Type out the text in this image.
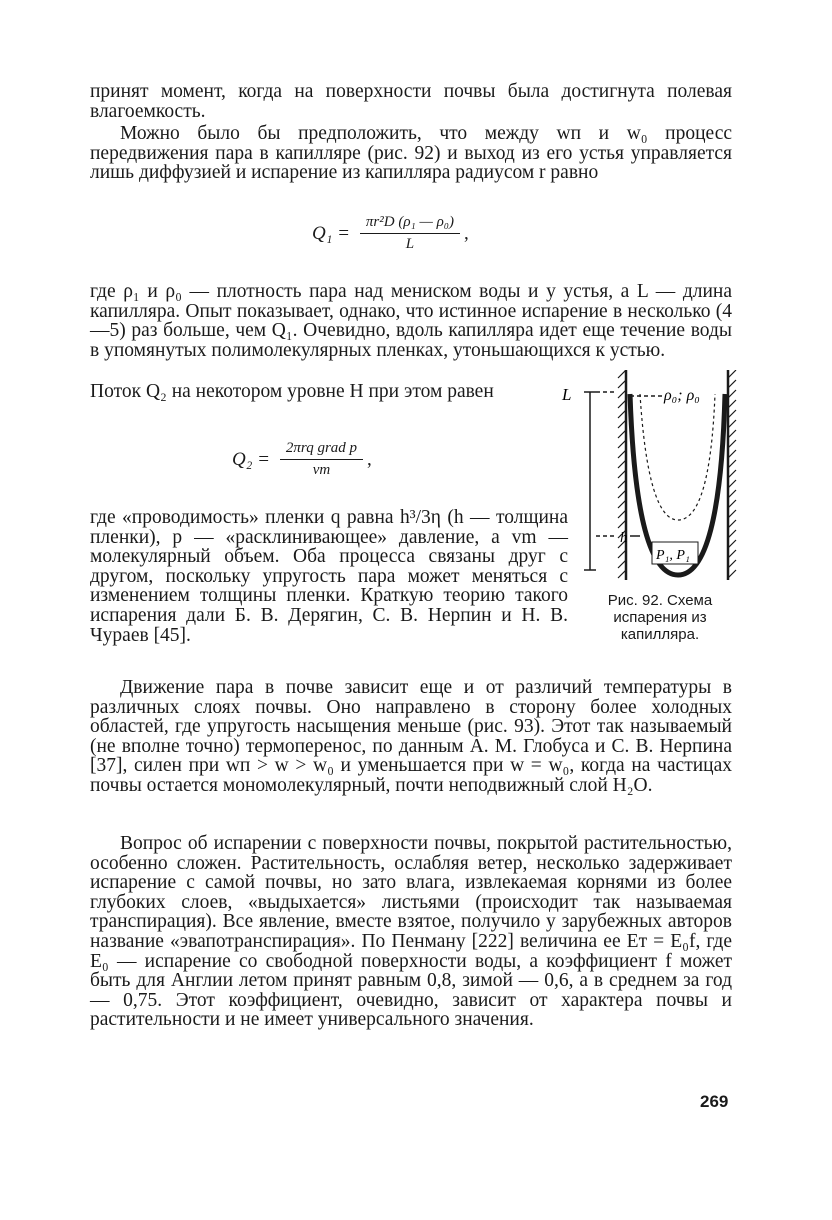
принят момент, когда на поверхности почвы была достигнута полевая влагоемкость.

Можно было бы предположить, что между wп и w₀ процесс передвижения пара в капилляре (рис. 92) и выход из его устья управляется лишь диффузией и испарение из капилляра радиусом r равно

$Q_1 = \frac{\text{πr²D (ρ₁ — ρ₀)}}{L}$ ,

где ρ₁ и ρ₀ — плотность пара над мениском воды и у устья, а L — длина капилляра. Опыт показывает, однако, что истинное испарение в несколько (4—5) раз больше, чем Q₁. Очевидно, вдоль капилляра идет еще течение воды в упомянутых полимолекулярных пленках, утоньшающихся к устью.

Поток Q₂ на некотором уровне H при этом равен

$Q_2 = \frac{\text{2πrq grad p}}{vm}$ ,

где «проводимость» пленки q равна h³/3η (h — толщина пленки), p — «расклинивающее» давление, а vm — молекулярный объем. Оба процесса связаны друг с другом, поскольку упругость пара может меняться с изменением толщины пленки. Краткую теорию такого испарения дали Б. В. Дерягин, С. В. Нерпин и Н. В. Чураев [45].

L	ρ₀; ρ₀
h
P₁, P₁
Рис. 92. Схема испарения из капилляра.

Движение пара в почве зависит еще и от различий температуры в различных слоях почвы. Оно направлено в сторону более холодных областей, где упругость насыщения меньше (рис. 93). Этот так называемый (не вполне точно) термоперенос, по данным А. М. Глобуса и С. В. Нерпина [37], силен при wп > w > w₀ и уменьшается при w = w₀, когда на частицах почвы остается мономолекулярный, почти неподвижный слой H₂O.

Вопрос об испарении с поверхности почвы, покрытой растительностью, особенно сложен. Растительность, ослабляя ветер, несколько задерживает испарение с самой почвы, но зато влага, извлекаемая корнями из более глубоких слоев, «выдыхается» листьями (происходит так называемая транспирация). Все явление, вместе взятое, получило у зарубежных авторов название «эвапотранспирация». По Пенману [222] величина ее Eт = E₀f, где E₀ — испарение со свободной поверхности воды, а коэффициент f может быть для Англии летом принят равным 0,8, зимой — 0,6, а в среднем за год — 0,75. Этот коэффициент, очевидно, зависит от характера почвы и растительности и не имеет универсального значения.

269
